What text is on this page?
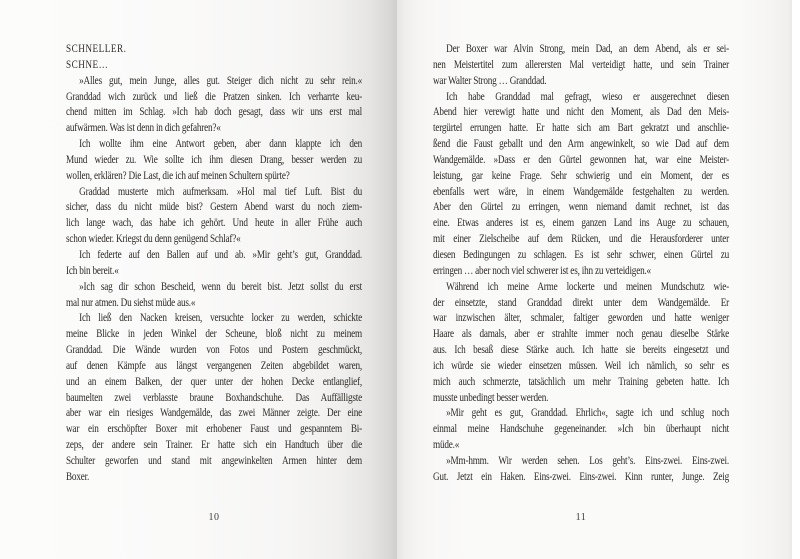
SCHNELLER.
SCHNE…
»Alles gut, mein Junge, alles gut. Steiger dich nicht zu sehr rein.«
Granddad wich zurück und ließ die Pratzen sinken. Ich verharrte keu-
chend mitten im Schlag. »Ich hab doch gesagt, dass wir uns erst mal
aufwärmen. Was ist denn in dich gefahren?«
Ich wollte ihm eine Antwort geben, aber dann klappte ich den
Mund wieder zu. Wie sollte ich ihm diesen Drang, besser werden zu
wollen, erklären? Die Last, die ich auf meinen Schultern spürte?
Graddad musterte mich aufmerksam. »Hol mal tief Luft. Bist du
sicher, dass du nicht müde bist? Gestern Abend warst du noch ziem-
lich lange wach, das habe ich gehört. Und heute in aller Frühe auch
schon wieder. Kriegst du denn genügend Schlaf?«
Ich federte auf den Ballen auf und ab. »Mir geht’s gut, Granddad.
Ich bin bereit.«
»Ich sag dir schon Bescheid, wenn du bereit bist. Jetzt sollst du erst
mal nur atmen. Du siehst müde aus.«
Ich ließ den Nacken kreisen, versuchte locker zu werden, schickte
meine Blicke in jeden Winkel der Scheune, bloß nicht zu meinem
Granddad. Die Wände wurden von Fotos und Postern geschmückt,
auf denen Kämpfe aus längst vergangenen Zeiten abgebildet waren,
und an einem Balken, der quer unter der hohen Decke entlanglief,
baumelten zwei verblasste braune Boxhandschuhe. Das Auffälligste
aber war ein riesiges Wandgemälde, das zwei Männer zeigte. Der eine
war ein erschöpfter Boxer mit erhobener Faust und gespanntem Bi-
zeps, der andere sein Trainer. Er hatte sich ein Handtuch über die
Schulter geworfen und stand mit angewinkelten Armen hinter dem
Boxer.
10
Der Boxer war Alvin Strong, mein Dad, an dem Abend, als er sei-
nen Meistertitel zum allerersten Mal verteidigt hatte, und sein Trainer
war Walter Strong … Granddad.
Ich habe Granddad mal gefragt, wieso er ausgerechnet diesen
Abend hier verewigt hatte und nicht den Moment, als Dad den Meis-
tergürtel errungen hatte. Er hatte sich am Bart gekratzt und anschlie-
ßend die Faust geballt und den Arm angewinkelt, so wie Dad auf dem
Wandgemälde. »Dass er den Gürtel gewonnen hat, war eine Meister-
leistung, gar keine Frage. Sehr schwierig und ein Moment, der es
ebenfalls wert wäre, in einem Wandgemälde festgehalten zu werden.
Aber den Gürtel zu erringen, wenn niemand damit rechnet, ist das
eine. Etwas anderes ist es, einem ganzen Land ins Auge zu schauen,
mit einer Zielscheibe auf dem Rücken, und die Herausforderer unter
diesen Bedingungen zu schlagen. Es ist sehr schwer, einen Gürtel zu
erringen … aber noch viel schwerer ist es, ihn zu verteidigen.«
Während ich meine Arme lockerte und meinen Mundschutz wie-
der einsetzte, stand Granddad direkt unter dem Wandgemälde. Er
war inzwischen älter, schmaler, faltiger geworden und hatte weniger
Haare als damals, aber er strahlte immer noch genau dieselbe Stärke
aus. Ich besaß diese Stärke auch. Ich hatte sie bereits eingesetzt und
ich würde sie wieder einsetzen müssen. Weil ich nämlich, so sehr es
mich auch schmerzte, tatsächlich um mehr Training gebeten hatte. Ich
musste unbedingt besser werden.
»Mir geht es gut, Granddad. Ehrlich«, sagte ich und schlug noch
einmal meine Handschuhe gegeneinander. »Ich bin überhaupt nicht
müde.«
»Mm-hmm. Wir werden sehen. Los geht’s. Eins-zwei. Eins-zwei.
Gut. Jetzt ein Haken. Eins-zwei. Eins-zwei. Kinn runter, Junge. Zeig
11
